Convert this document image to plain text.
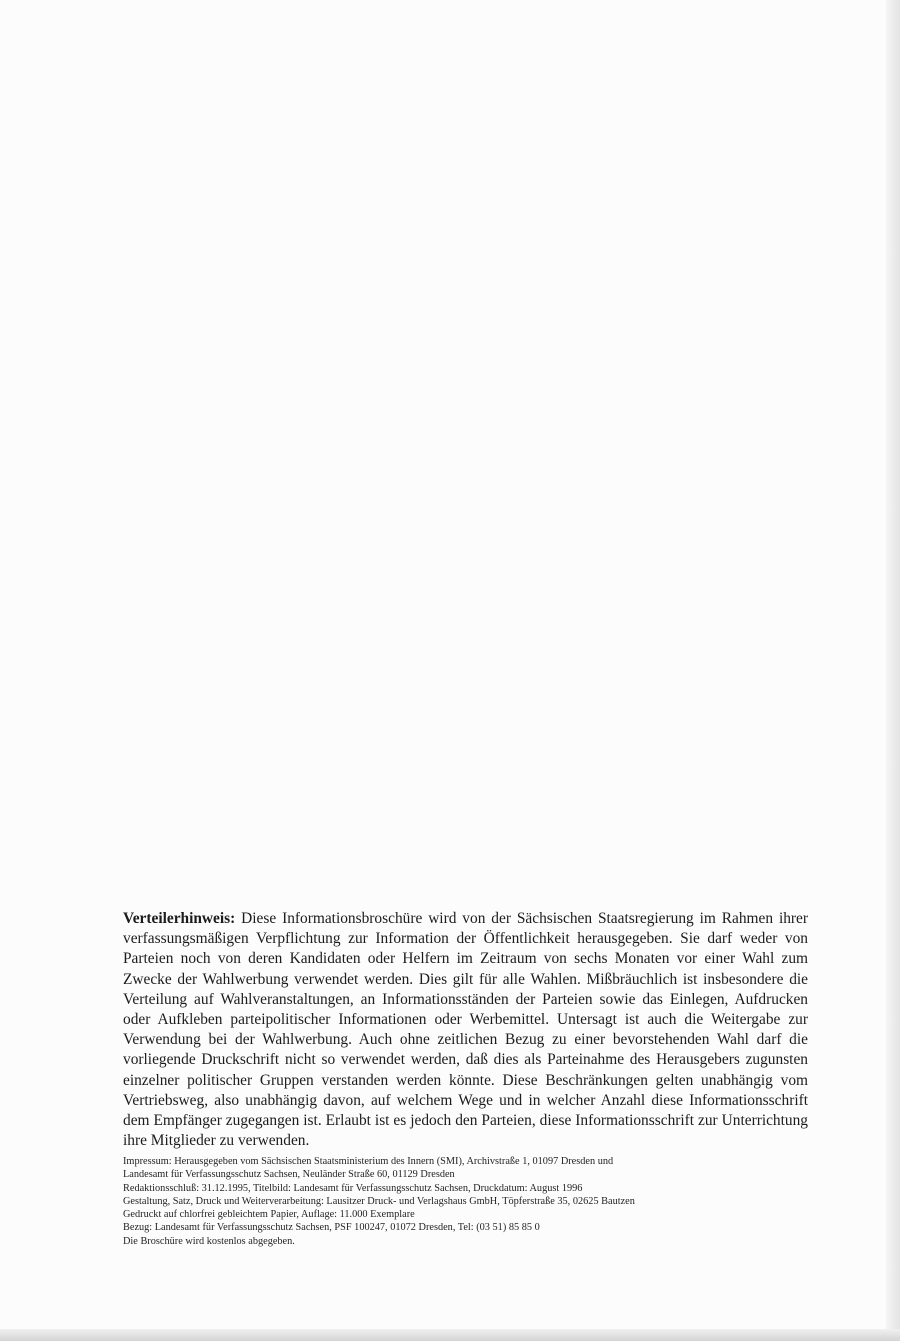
Verteilerhinweis: Diese Informationsbroschüre wird von der Sächsischen Staatsregierung im Rahmen ihrer verfassungsmäßigen Verpflichtung zur Information der Öffentlichkeit herausgegeben. Sie darf weder von Parteien noch von deren Kandidaten oder Helfern im Zeitraum von sechs Monaten vor einer Wahl zum Zwecke der Wahlwerbung verwendet werden. Dies gilt für alle Wahlen. Mißbräuchlich ist insbesondere die Verteilung auf Wahlveranstaltungen, an Informationsständen der Parteien sowie das Einlegen, Aufdrucken oder Aufkleben parteipolitischer Informationen oder Werbemittel. Untersagt ist auch die Weitergabe zur Verwendung bei der Wahlwerbung. Auch ohne zeitlichen Bezug zu einer bevorstehenden Wahl darf die vorliegende Druckschrift nicht so verwendet werden, daß dies als Parteinahme des Herausgebers zugunsten einzelner politischer Gruppen verstanden werden könnte. Diese Beschränkungen gelten unabhängig vom Vertriebsweg, also unabhängig davon, auf welchem Wege und in welcher Anzahl diese Informationsschrift dem Empfänger zugegangen ist. Erlaubt ist es jedoch den Parteien, diese Informationsschrift zur Unterrichtung ihre Mitglieder zu verwenden.

Impressum: Herausgegeben vom Sächsischen Staatsministerium des Innern (SMI), Archivstraße 1, 01097 Dresden und
Landesamt für Verfassungsschutz Sachsen, Neuländer Straße 60, 01129 Dresden
Redaktionsschluß: 31.12.1995, Titelbild: Landesamt für Verfassungsschutz Sachsen, Druckdatum: August 1996
Gestaltung, Satz, Druck und Weiterverarbeitung: Lausitzer Druck- und Verlagshaus GmbH, Töpferstraße 35, 02625 Bautzen
Gedruckt auf chlorfrei gebleichtem Papier, Auflage: 11.000 Exemplare
Bezug: Landesamt für Verfassungsschutz Sachsen, PSF 100247, 01072 Dresden, Tel: (03 51) 85 85 0
Die Broschüre wird kostenlos abgegeben.
